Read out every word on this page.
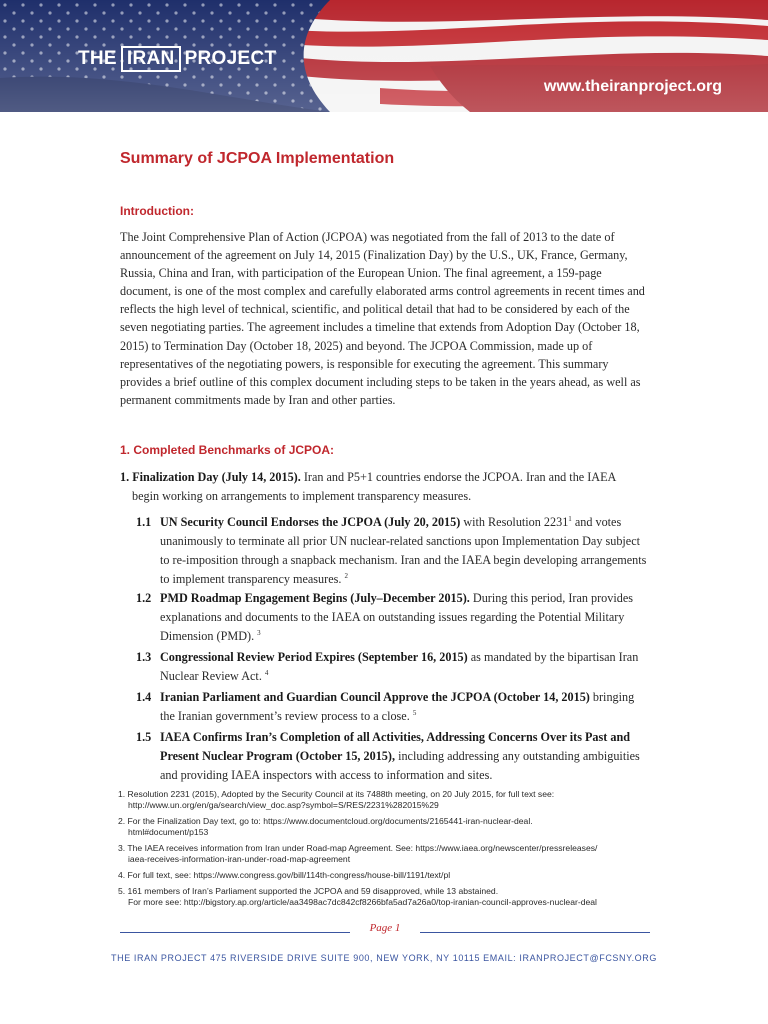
THE IRAN PROJECT
www.theiranproject.org
Summary of JCPOA Implementation
Introduction:

The Joint Comprehensive Plan of Action (JCPOA) was negotiated from the fall of 2013 to the date of announcement of the agreement on July 14, 2015 (Finalization Day) by the U.S., UK, France, Germany, Russia, China and Iran, with participation of the European Union. The final agreement, a 159-page document, is one of the most complex and carefully elaborated arms control agreements in recent times and reflects the high level of technical, scientific, and political detail that had to be considered by each of the seven negotiating parties. The agreement includes a timeline that extends from Adoption Day (October 18, 2015) to Termination Day (October 18, 2025) and beyond. The JCPOA Commission, made up of representatives of the negotiating powers, is responsible for executing the agreement. This summary provides a brief outline of this complex document including steps to be taken in the years ahead, as well as permanent commitments made by Iran and other parties.

1. Completed Benchmarks of JCPOA:
1. Finalization Day (July 14, 2015). Iran and P5+1 countries endorse the JCPOA. Iran and the IAEA
begin working on arrangements to implement transparency measures.
1.1 UN Security Council Endorses the JCPOA (July 20, 2015) with Resolution 2231$^1$ and votes unanimously to terminate all prior UN nuclear-related sanctions upon Implementation Day subject to re-imposition through a snapback mechanism. Iran and the IAEA begin developing arrangements to implement transparency measures. $^2$
1.2 PMD Roadmap Engagement Begins (July–December 2015). During this period, Iran provides explanations and documents to the IAEA on outstanding issues regarding the Potential Military Dimension (PMD). $^3$
1.3 Congressional Review Period Expires (September 16, 2015) as mandated by the bipartisan Iran Nuclear Review Act. $^4$
1.4 Iranian Parliament and Guardian Council Approve the JCPOA (October 14, 2015) bringing the Iranian government’s review process to a close. $^5$
1.5 IAEA Confirms Iran’s Completion of all Activities, Addressing Concerns Over its Past and Present Nuclear Program (October 15, 2015), including addressing any outstanding ambiguities and providing IAEA inspectors with access to information and sites.
1. Resolution 2231 (2015), Adopted by the Security Council at its 7488th meeting, on 20 July 2015, for full text see:
http://www.un.org/en/ga/search/view_doc.asp?symbol=S/RES/2231%282015%29
2. For the Finalization Day text, go to: https://www.documentcloud.org/documents/2165441-iran-nuclear-deal.
html#document/p153
3. The IAEA receives information from Iran under Road-map Agreement. See: https://www.iaea.org/newscenter/pressreleases/
iaea-receives-information-iran-under-road-map-agreement
4. For full text, see: https://www.congress.gov/bill/114th-congress/house-bill/1191/text/pl
5. 161 members of Iran’s Parliament supported the JCPOA and 59 disapproved, while 13 abstained.
For more see: http://bigstory.ap.org/article/aa3498ac7dc842cf8266bfa5ad7a26a0/top-iranian-council-approves-nuclear-deal
Page 1
THE IRAN PROJECT 475 RIVERSIDE DRIVE SUITE 900, NEW YORK, NY 10115 EMAIL: IRANPROJECT@FCSNY.ORG
